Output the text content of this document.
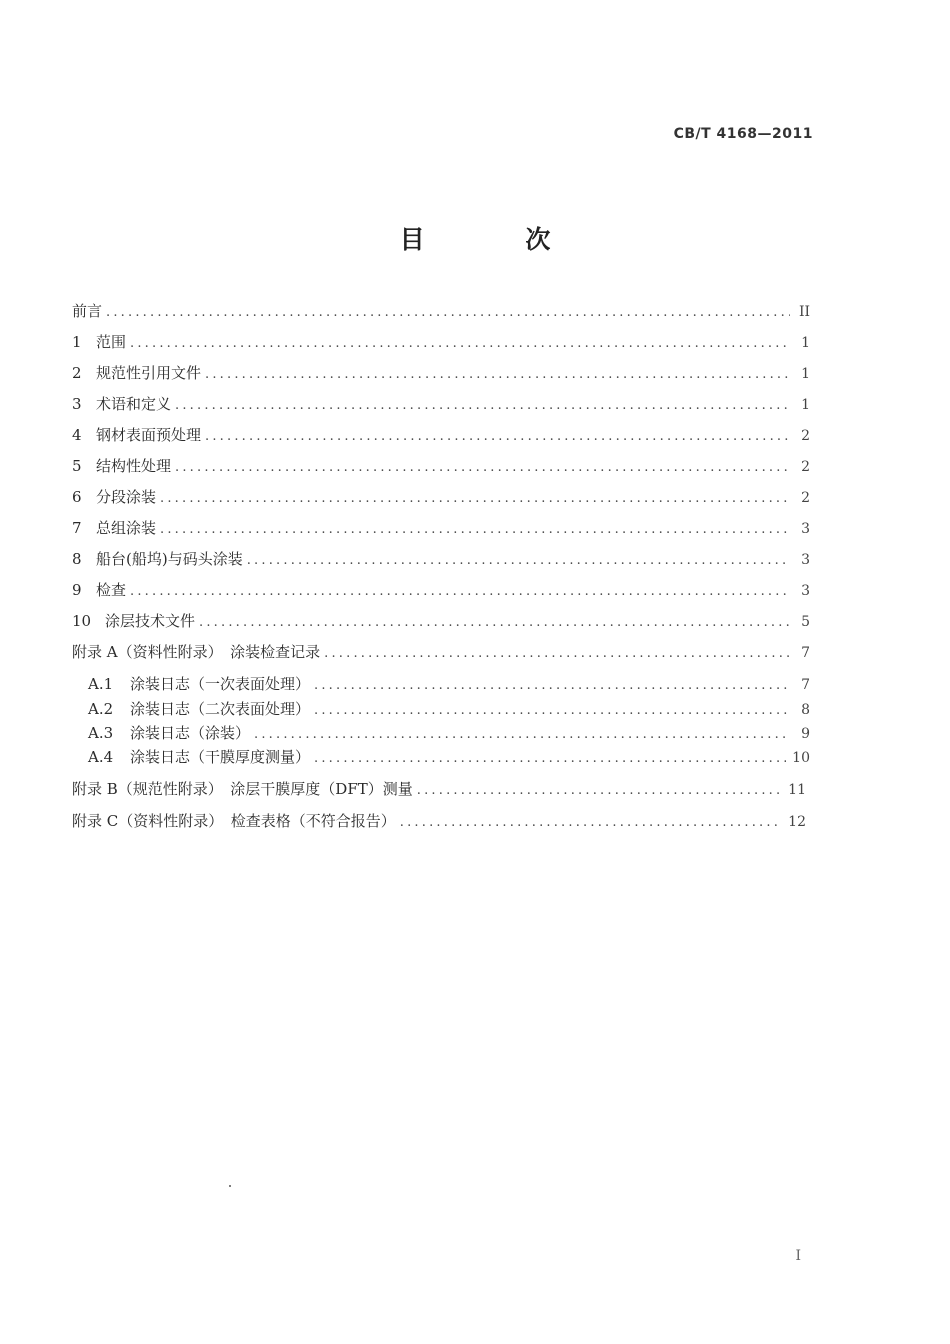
CB/T 4168—2011
目 次
前言 .....	II
1 范围 .....	1
2 规范性引用文件 .....	1
3 术语和定义 .....	1
4 钢材表面预处理 .....	2
5 结构性处理 .....	2
6 分段涂装 .....	2
7 总组涂装 .....	3
8 船台(船坞)与码头涂装 .....	3
9 检查 .....	3
10 涂层技术文件 .....	5
附录 A（资料性附录）　涂装检查记录 .....	7
A.1	涂装日志（一次表面处理） .....	7
A.2	涂装日志（二次表面处理） .....	8
A.3	涂装日志（涂装） .....	9
A.4	涂装日志（干膜厚度测量） .....	10
附录 B（规范性附录）　涂层干膜厚度（DFT）测量 .....	11
附录 C（资料性附录）　检查表格（不符合报告） .....	12
I
